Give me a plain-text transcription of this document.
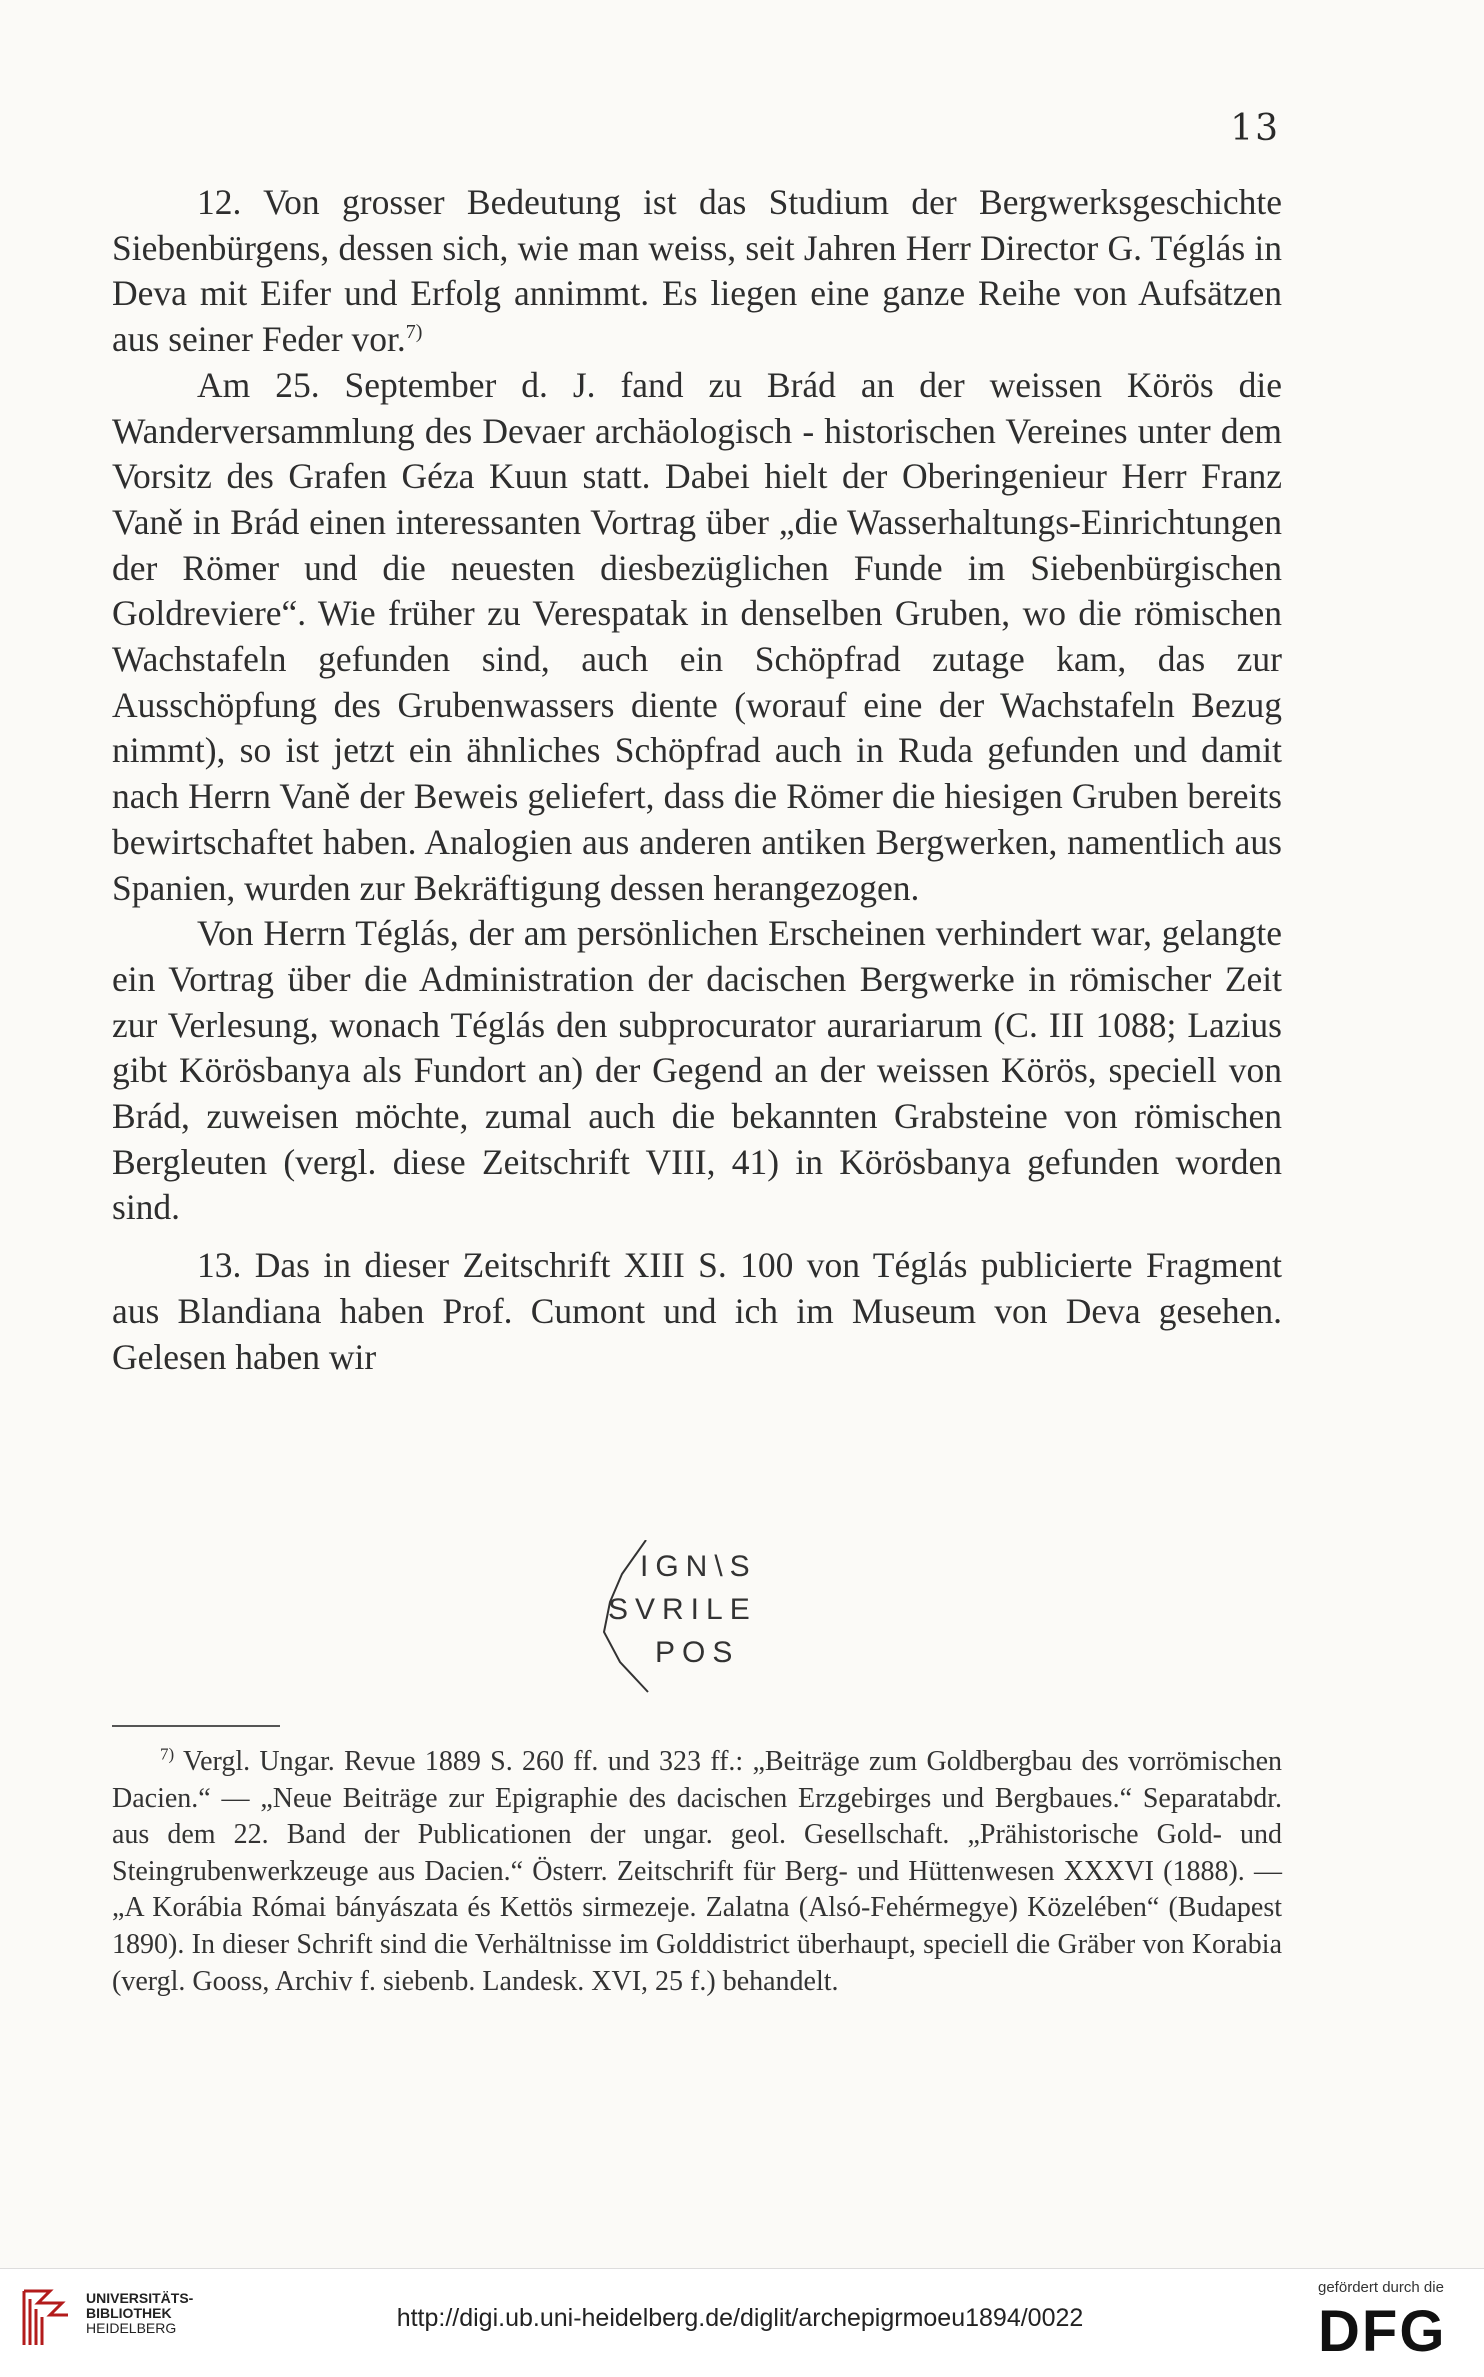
13

12. Von grosser Bedeutung ist das Studium der Bergwerksgeschichte Siebenbürgens, dessen sich, wie man weiss, seit Jahren Herr Director G. Téglás in Deva mit Eifer und Erfolg annimmt. Es liegen eine ganze Reihe von Aufsätzen aus seiner Feder vor.$^{7)}$

Am 25. September d. J. fand zu Brád an der weissen Körös die Wanderversammlung des Devaer archäologisch - historischen Vereines unter dem Vorsitz des Grafen Géza Kuun statt. Dabei hielt der Oberingenieur Herr Franz Vaně in Brád einen interessanten Vortrag über „die Wasserhaltungs-Einrichtungen der Römer und die neuesten diesbezüglichen Funde im Siebenbürgischen Goldreviere“. Wie früher zu Verespatak in denselben Gruben, wo die römischen Wachstafeln gefunden sind, auch ein Schöpfrad zutage kam, das zur Ausschöpfung des Grubenwassers diente (worauf eine der Wachstafeln Bezug nimmt), so ist jetzt ein ähnliches Schöpfrad auch in Ruda gefunden und damit nach Herrn Vaně der Beweis geliefert, dass die Römer die hiesigen Gruben bereits bewirtschaftet haben. Analogien aus anderen antiken Bergwerken, namentlich aus Spanien, wurden zur Bekräftigung dessen herangezogen.

Von Herrn Téglás, der am persönlichen Erscheinen verhindert war, gelangte ein Vortrag über die Administration der dacischen Bergwerke in römischer Zeit zur Verlesung, wonach Téglás den subprocurator aurariarum (C. III 1088; Lazius gibt Körösbanya als Fundort an) der Gegend an der weissen Körös, speciell von Brád, zuweisen möchte, zumal auch die bekannten Grabsteine von römischen Bergleuten (vergl. diese Zeitschrift VIII, 41) in Körösbanya gefunden worden sind.

13. Das in dieser Zeitschrift XIII S. 100 von Téglás publicierte Fragment aus Blandiana haben Prof. Cumont und ich im Museum von Deva gesehen. Gelesen haben wir

IGN\S
SVRILE
POS

$^{7)}$ Vergl. Ungar. Revue 1889 S. 260 ff. und 323 ff.: „Beiträge zum Goldbergbau des vorrömischen Dacien.“ — „Neue Beiträge zur Epigraphie des dacischen Erzgebirges und Bergbaues.“ Separatabdr. aus dem 22. Band der Publicationen der ungar. geol. Gesellschaft. „Prähistorische Gold- und Steingrubenwerkzeuge aus Dacien.“ Österr. Zeitschrift für Berg- und Hüttenwesen XXXVI (1888). — „A Korábia Római bányászata és Kettös sirmezeje. Zalatna (Alsó-Fehérmegye) Közelében“ (Budapest 1890). In dieser Schrift sind die Verhältnisse im Golddistrict überhaupt, speciell die Gräber von Korabia (vergl. Gooss, Archiv f. siebenb. Landesk. XVI, 25 f.) behandelt.

UNIVERSITÄTS-
BIBLIOTHEK
HEIDELBERG	http://digi.ub.uni-heidelberg.de/diglit/archepigrmoeu1894/0022
gefördert durch die
DFG
